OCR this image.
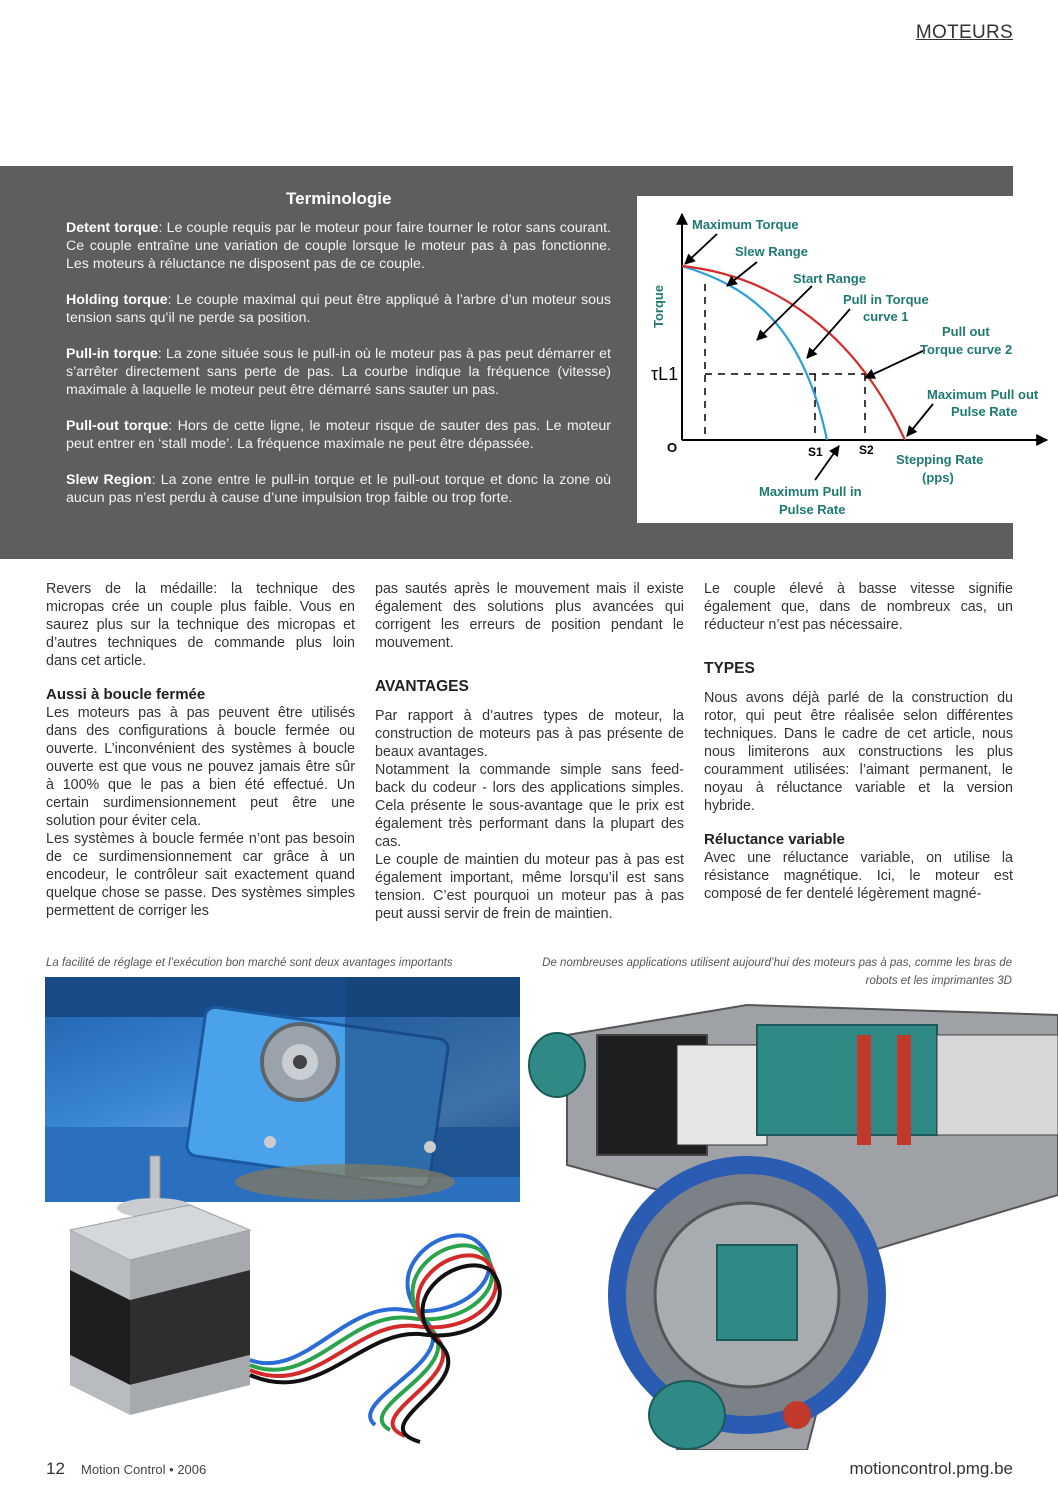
MOTEURS
Terminologie

Detent torque: Le couple requis par le moteur pour faire tourner le rotor sans courant. Ce couple entraîne une variation de couple lorsque le moteur pas à pas fonctionne. Les moteurs à réluctance ne disposent pas de ce couple.

Holding torque: Le couple maximal qui peut être appliqué à l’arbre d’un moteur sous tension sans qu’il ne perde sa position.

Pull-in torque: La zone située sous le pull-in où le moteur pas à pas peut démarrer et s’arrêter directement sans perte de pas. La courbe indique la fréquence (vitesse) maximale à laquelle le moteur peut être démarré sans sauter un pas.

Pull-out torque: Hors de cette ligne, le moteur risque de sauter des pas. Le moteur peut entrer en ‘stall mode’. La fréquence maximale ne peut être dépassée.

Slew Region: La zone entre le pull-in torque et le pull-out torque et donc la zone où aucun pas n’est perdu à cause d’une impulsion trop faible ou trop forte.

Torque
τL1
O	S1	S2
Maximum Torque
Slew Range
Start Range
Pull in Torque
curve 1
Pull out
Torque curve 2
Maximum Pull out
Pulse Rate
Stepping Rate
(pps)
Maximum Pull in
Pulse Rate

Revers de la médaille: la technique des micropas crée un couple plus faible. Vous en saurez plus sur la technique des micropas et d’autres techniques de commande plus loin dans cet article.

Aussi à boucle fermée

Les moteurs pas à pas peuvent être utilisés dans des configurations à boucle fermée ou ouverte. L’inconvénient des systèmes à boucle ouverte est que vous ne pouvez jamais être sûr à 100% que le pas a bien été effectué. Un certain surdimensionnement peut être une solution pour éviter cela.

Les systèmes à boucle fermée n’ont pas besoin de ce surdimensionnement car grâce à un encodeur, le contrôleur sait exactement quand quelque chose se passe. Des systèmes simples permettent de corriger les

pas sautés après le mouvement mais il existe également des solutions plus avancées qui corrigent les erreurs de position pendant le mouvement.

AVANTAGES

Par rapport à d’autres types de moteur, la construction de moteurs pas à pas présente de beaux avantages.

Notamment la commande simple sans feed-back du codeur - lors des applications simples. Cela présente le sous-avantage que le prix est également très performant dans la plupart des cas.

Le couple de maintien du moteur pas à pas est également important, même lorsqu’il est sans tension. C’est pourquoi un moteur pas à pas peut aussi servir de frein de maintien.

Le couple élevé à basse vitesse signifie également que, dans de nombreux cas, un réducteur n’est pas nécessaire.

TYPES

Nous avons déjà parlé de la construction du rotor, qui peut être réalisée selon différentes techniques. Dans le cadre de cet article, nous nous limiterons aux constructions les plus couramment utilisées: l’aimant permanent, le noyau à réluctance variable et la version hybride.

Réluctance variable

Avec une réluctance variable, on utilise la résistance magnétique. Ici, le moteur est composé de fer dentelé légèrement magné-

La facilité de réglage et l’exécution bon marché sont deux avantages importants	De nombreuses applications utilisent aujourd’hui des moteurs pas à pas, comme les bras de robots et les imprimantes 3D
12 Motion Control • 2006	motioncontrol.pmg.be
